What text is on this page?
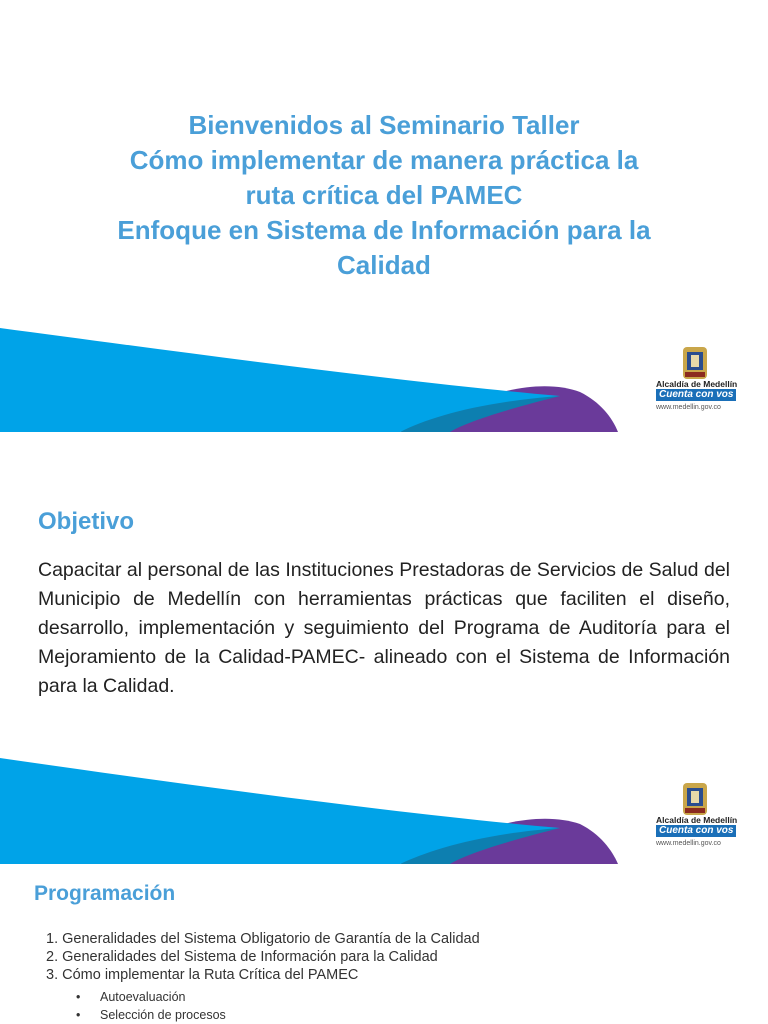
Bienvenidos al Seminario Taller
Cómo implementar de manera práctica la
ruta crítica del PAMEC
Enfoque en Sistema de Información para la
Calidad
Alcaldía de Medellín
Cuenta con vos
www.medellin.gov.co
Objetivo
Capacitar al personal de las Instituciones Prestadoras de Servicios de Salud del Municipio de Medellín con herramientas prácticas que faciliten el diseño, desarrollo, implementación y seguimiento del Programa de Auditoría para el Mejoramiento de la Calidad-PAMEC- alineado con el Sistema de Información para la Calidad.
Alcaldía de Medellín
Cuenta con vos
www.medellin.gov.co
Programación
1. Generalidades del Sistema Obligatorio de Garantía de la Calidad
2. Generalidades del Sistema de Información para la Calidad
3. Cómo implementar la Ruta Crítica del PAMEC
• Autoevaluación
• Selección de procesos
